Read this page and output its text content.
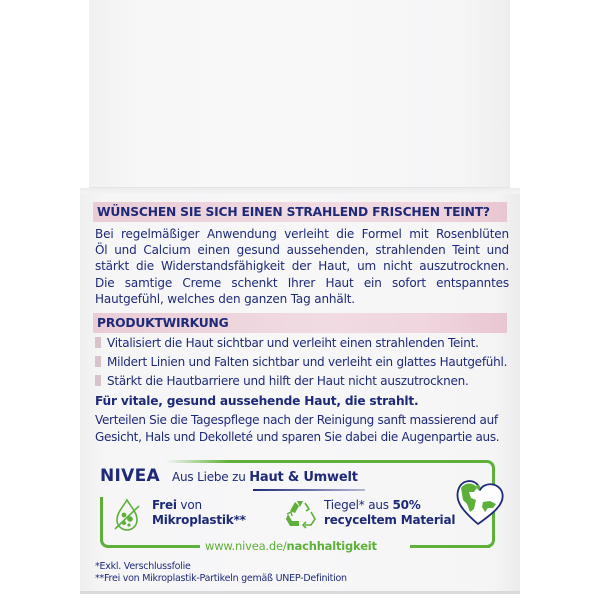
WÜNSCHEN SIE SICH EINEN STRAHLEND FRISCHEN TEINT?
Bei regelmäßiger Anwendung verleiht die Formel mit Rosenblüten
Öl und Calcium einen gesund aussehenden, strahlenden Teint und
stärkt die Widerstandsfähigkeit der Haut, um nicht auszutrocknen.
Die samtige Creme schenkt Ihrer Haut ein sofort entspanntes
Hautgefühl, welches den ganzen Tag anhält.
PRODUKTWIRKUNG
Vitalisiert die Haut sichtbar und verleiht einen strahlenden Teint.
Mildert Linien und Falten sichtbar und verleiht ein glattes Hautgefühl.
Stärkt die Hautbarriere und hilft der Haut nicht auszutrocknen.
Für vitale, gesund aussehende Haut, die strahlt.
Verteilen Sie die Tagespflege nach der Reinigung sanft massierend auf
Gesicht, Hals und Dekolleté und sparen Sie dabei die Augenpartie aus.
NIVEA Aus Liebe zu Haut & Umwelt
Frei von
Mikroplastik**
Tiegel* aus 50%
recyceltem Material
www.nivea.de/nachhaltigkeit
*Exkl. Verschlussfolie
**Frei von Mikroplastik-Partikeln gemäß UNEP-Definition
